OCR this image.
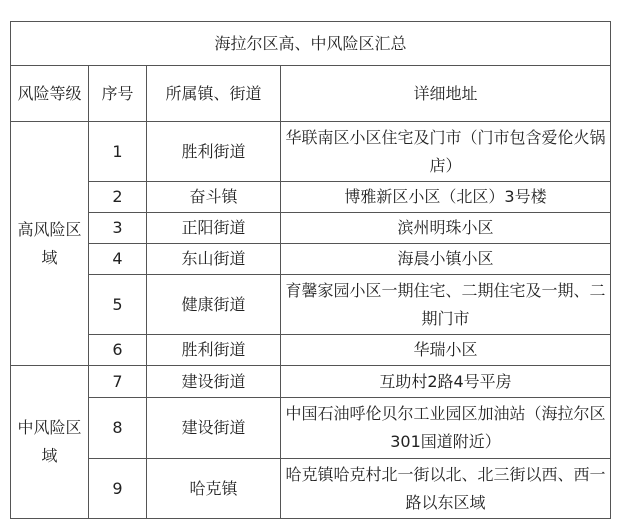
海拉尔区高、中风险区汇总			
风险等级	序号	所属镇、街道	详细地址
高风险区域	1	胜利街道	华联南区小区住宅及门市（门市包含爱伦火锅店）
	2	奋斗镇	博雅新区小区（北区）3号楼
	3	正阳街道	滨州明珠小区
	4	东山街道	海晨小镇小区
	5	健康街道	育馨家园小区一期住宅、二期住宅及一期、二期门市
	6	胜利街道	华瑞小区
中风险区域	7	建设街道	互助村2路4号平房
	8	建设街道	中国石油呼伦贝尔工业园区加油站（海拉尔区301国道附近）
	9	哈克镇	哈克镇哈克村北一街以北、北三街以西、西一路以东区域
